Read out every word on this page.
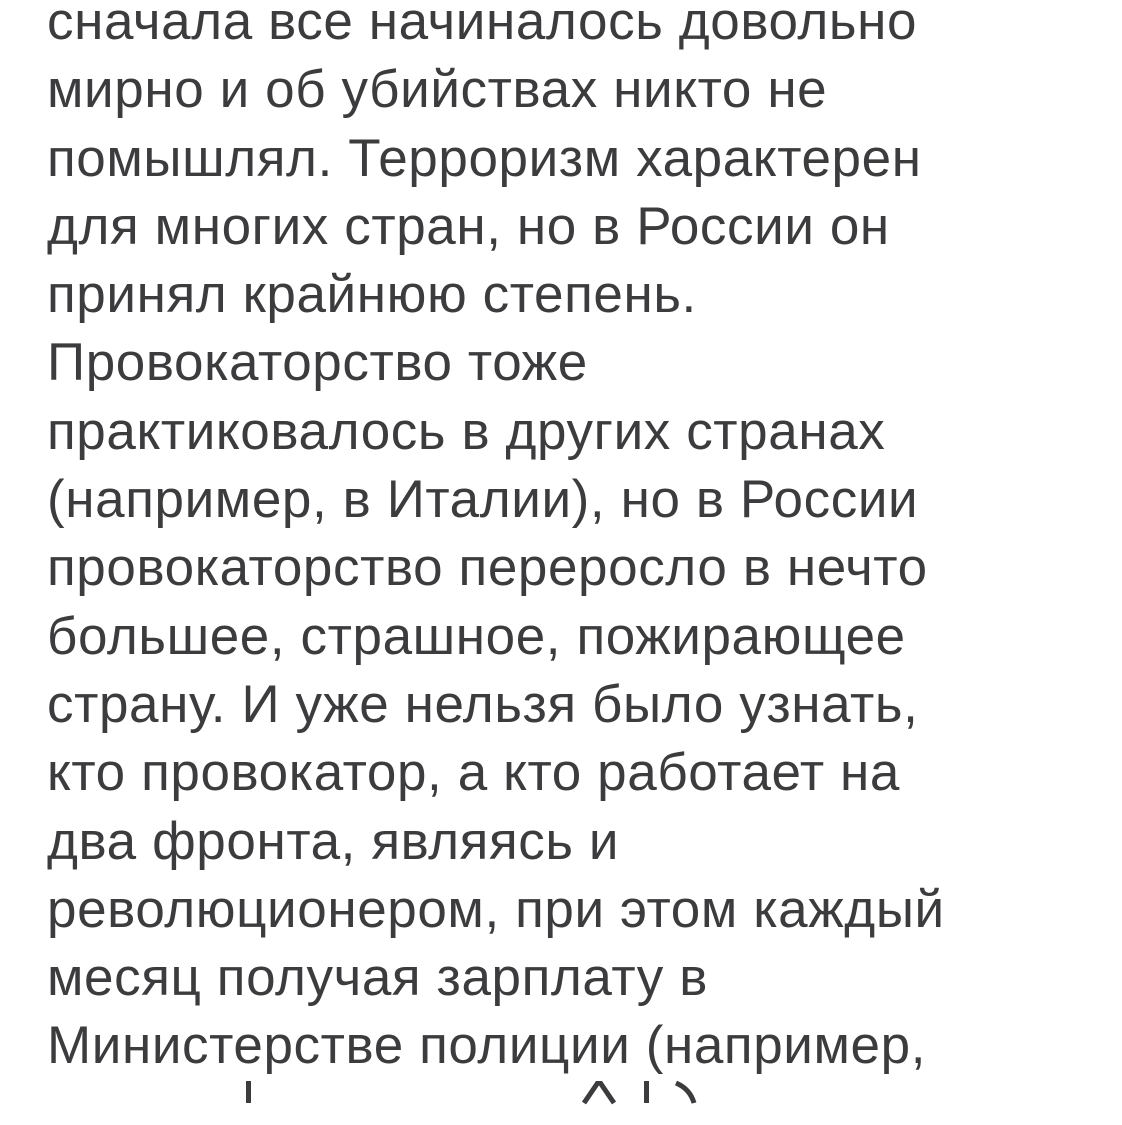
сначала все начиналось довольно
мирно и об убийствах никто не
помышлял. Терроризм характерен
для многих стран, но в России он
принял крайнюю степень.
Провокаторство тоже
практиковалось в других странах
(например, в Италии), но в России
провокаторство переросло в нечто
большее, страшное, пожирающее
страну. И уже нельзя было узнать,
кто провокатор, а кто работает на
два фронта, являясь и
революционером, при этом каждый
месяц получая зарплату в
Министерстве полиции (например,
